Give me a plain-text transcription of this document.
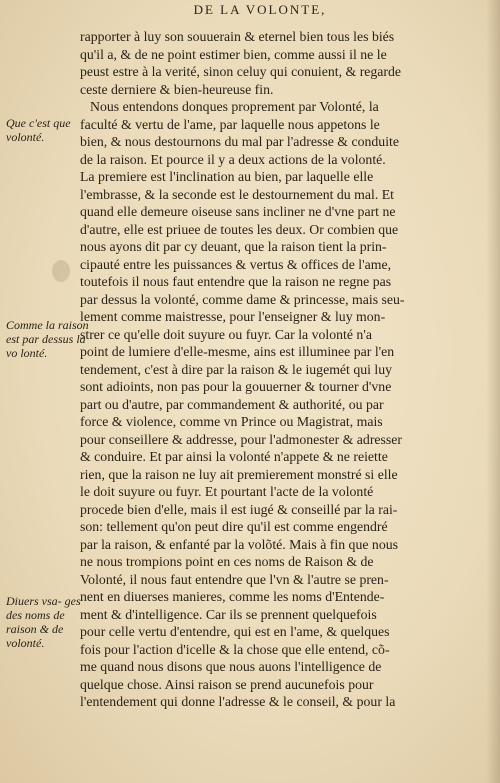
DE LA VOLONTE,
Que c'est que volonté.
Comme la raison est par dessus la vo lonté.
Diuers vsa- ges des noms de raison & de volonté.
rapporter à luy son souuerain & eternel bien tous les biés
qu'il a, & de ne point estimer bien, comme aussi il ne le
peust estre à la verité, sinon celuy qui conuient, & regarde
ceste derniere & bien-heureuse fin.
Nous entendons donques proprement par Volonté, la
faculté & vertu de l'ame, par laquelle nous appetons le
bien, & nous destournons du mal par l'adresse & conduite
de la raison. Et pource il y a deux actions de la volonté.
La premiere est l'inclination au bien, par laquelle elle
l'embrasse, & la seconde est le destournement du mal. Et
quand elle demeure oiseuse sans incliner ne d'vne part ne
d'autre, elle est priuee de toutes les deux. Or combien que
nous ayons dit par cy deuant, que la raison tient la prin-
cipauté entre les puissances & vertus & offices de l'ame,
toutefois il nous faut entendre que la raison ne regne pas
par dessus la volonté, comme dame & princesse, mais seu-
lement comme maistresse, pour l'enseigner & luy mon-
strer ce qu'elle doit suyure ou fuyr. Car la volonté n'a
point de lumiere d'elle-mesme, ains est illuminee par l'en
tendement, c'est à dire par la raison & le iugemét qui luy
sont adioints, non pas pour la gouuerner & tourner d'vne
part ou d'autre, par commandement & authorité, ou par
force & violence, comme vn Prince ou Magistrat, mais
pour conseillere & addresse, pour l'admonester & adresser
& conduire. Et par ainsi la volonté n'appete & ne reiette
rien, que la raison ne luy ait premierement monstré si elle
le doit suyure ou fuyr. Et pourtant l'acte de la volonté
procede bien d'elle, mais il est iugé & conseillé par la rai-
son: tellement qu'on peut dire qu'il est comme engendré
par la raison, & enfanté par la volõté. Mais à fin que nous
ne nous trompions point en ces noms de Raison & de
Volonté, il nous faut entendre que l'vn & l'autre se pren-
nent en diuerses manieres, comme les noms d'Entende-
ment & d'intelligence. Car ils se prennent quelquefois
pour celle vertu d'entendre, qui est en l'ame, & quelques
fois pour l'action d'icelle & la chose que elle entend, cõ-
me quand nous disons que nous auons l'intelligence de
quelque chose. Ainsi raison se prend aucunefois pour
l'entendement qui donne l'adresse & le conseil, & pour la
